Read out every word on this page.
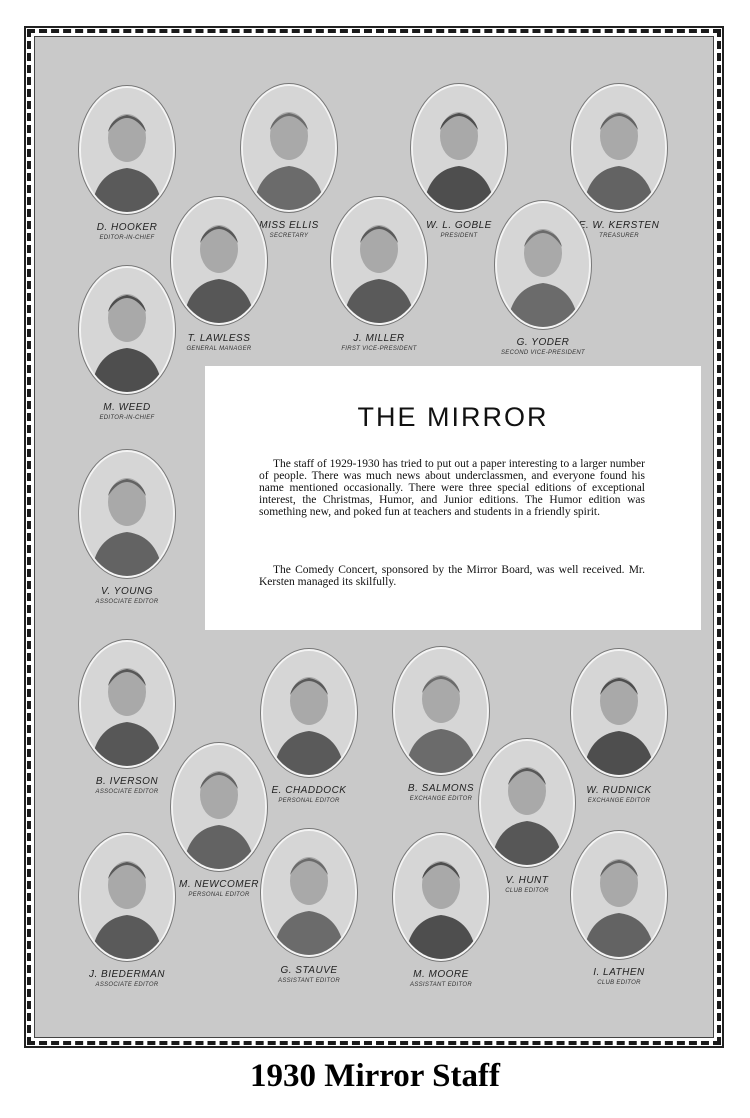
D. HOOKER
EDITOR-IN-CHIEF
MISS ELLIS
SECRETARY
W. L. GOBLE
PRESIDENT
E. W. KERSTEN
TREASURER
T. LAWLESS
GENERAL MANAGER
J. MILLER
FIRST VICE-PRESIDENT
G. YODER
SECOND VICE-PRESIDENT
M. WEED
EDITOR-IN-CHIEF
V. YOUNG
ASSOCIATE EDITOR
B. IVERSON
ASSOCIATE EDITOR	E. CHADDOCK
PERSONAL EDITOR
B. SALMONS
EXCHANGE EDITOR
W. RUDNICK
EXCHANGE EDITOR
M. NEWCOMER
PERSONAL EDITOR
V. HUNT
CLUB EDITOR
J. BIEDERMAN
ASSOCIATE EDITOR
G. STAUVE
ASSISTANT EDITOR
M. MOORE
ASSISTANT EDITOR
I. LATHEN
CLUB EDITOR
THE MIRROR
The staff of 1929-1930 has tried to put out a paper interesting to a larger number of people. There was much news about underclassmen, and everyone found his name mentioned occasionally. There were three special editions of exceptional interest, the Christmas, Humor, and Junior editions. The Humor edition was something new, and poked fun at teachers and students in a friendly spirit.
The Comedy Concert, sponsored by the Mirror Board, was well received. Mr. Kersten managed its skilfully.
1930 Mirror Staff
